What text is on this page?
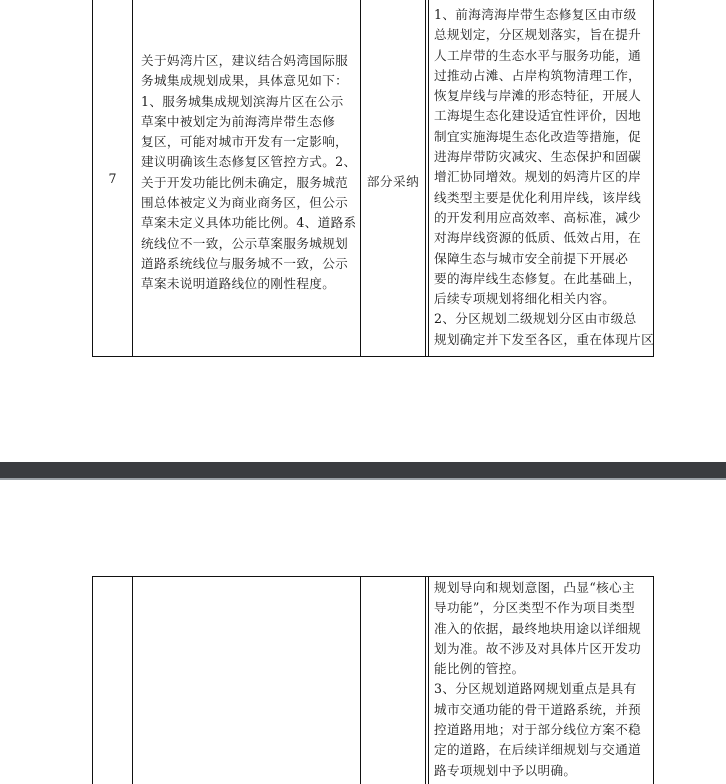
7
关于妈湾片区，建议结合妈湾国际服
务城集成规划成果，具体意见如下：
1、服务城集成规划滨海片区在公示
草案中被划定为前海湾岸带生态修
复区，可能对城市开发有一定影响，
建议明确该生态修复区管控方式。2、
关于开发功能比例未确定，服务城范
围总体被定义为商业商务区，但公示
草案未定义具体功能比例。4、道路系
统线位不一致，公示草案服务城规划
道路系统线位与服务城不一致，公示
草案未说明道路线位的刚性程度。
部分采纳
1、前海湾海岸带生态修复区由市级
总规划定，分区规划落实，旨在提升
人工岸带的生态水平与服务功能，通
过推动占滩、占岸构筑物清理工作，
恢复岸线与岸滩的形态特征，开展人
工海堤生态化建设适宜性评价，因地
制宜实施海堤生态化改造等措施，促
进海岸带防灾减灾、生态保护和固碳
增汇协同增效。规划的妈湾片区的岸
线类型主要是优化利用岸线，该岸线
的开发利用应高效率、高标准，减少
对海岸线资源的低质、低效占用，在
保障生态与城市安全前提下开展必
要的海岸线生态修复。在此基础上，
后续专项规划将细化相关内容。
2、分区规划二级规划分区由市级总
规划确定并下发至各区，重在体现片区
规划导向和规划意图，凸显“核心主
导功能”，分区类型不作为项目类型
准入的依据，最终地块用途以详细规
划为准。故不涉及对具体片区开发功
能比例的管控。
3、分区规划道路网规划重点是具有
城市交通功能的骨干道路系统，并预
控道路用地；对于部分线位方案不稳
定的道路，在后续详细规划与交通道
路专项规划中予以明确。
